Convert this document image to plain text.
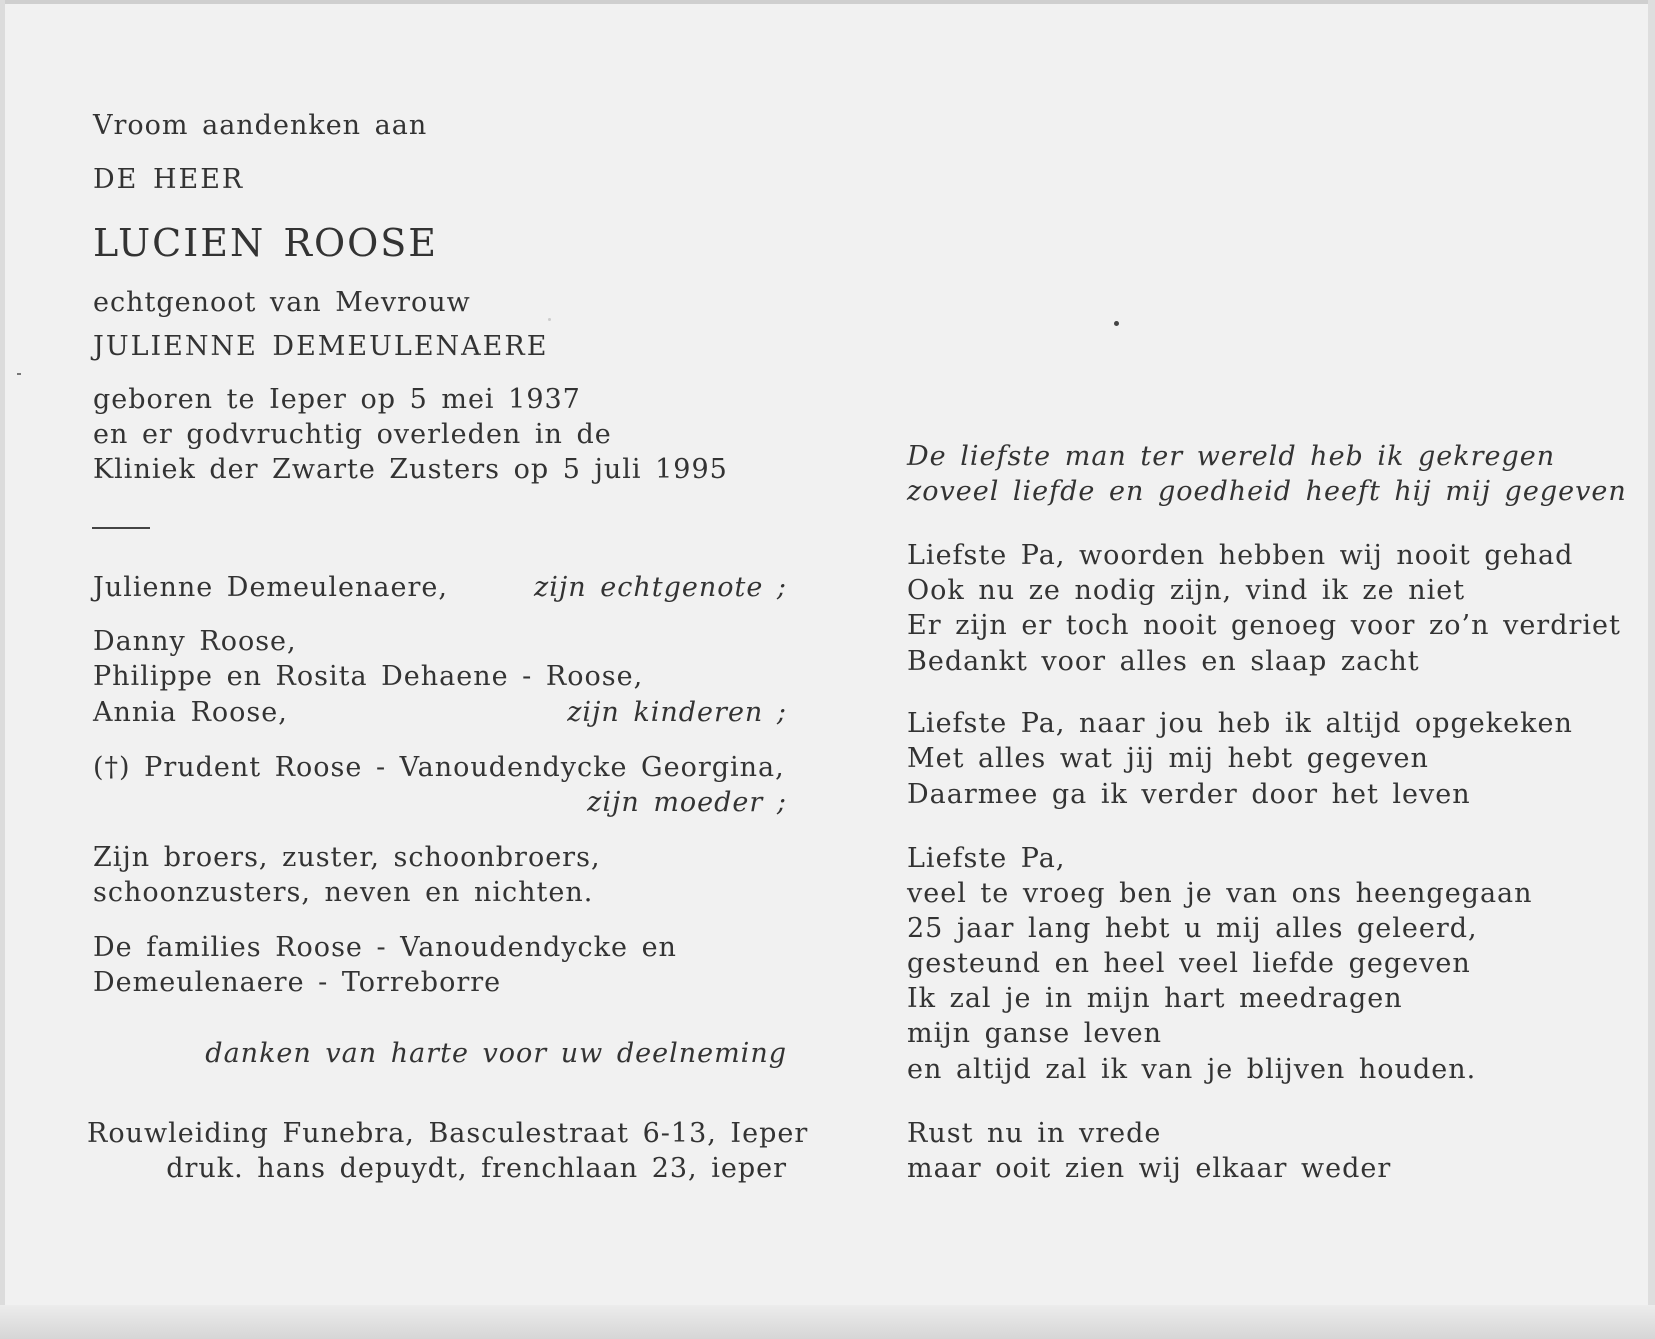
Vroom aandenken aan
DE HEER
LUCIEN ROOSE
echtgenoot van Mevrouw
JULIENNE DEMEULENAERE
geboren te Ieper op 5 mei 1937
en er godvruchtig overleden in de
Kliniek der Zwarte Zusters op 5 juli 1995
Julienne Demeulenaere,	zijn echtgenote ;
Danny Roose,
Philippe en Rosita Dehaene - Roose,
Annia Roose,	zijn kinderen ;
(†) Prudent Roose - Vanoudendycke Georgina,
zijn moeder ;
Zijn broers, zuster, schoonbroers,
schoonzusters, neven en nichten.
De families Roose - Vanoudendycke en
Demeulenaere - Torreborre
danken van harte voor uw deelneming
Rouwleiding Funebra, Basculestraat 6-13, Ieper
druk. hans depuydt, frenchlaan 23, ieper
De liefste man ter wereld heb ik gekregen
zoveel liefde en goedheid heeft hij mij gegeven
Liefste Pa, woorden hebben wij nooit gehad
Ook nu ze nodig zijn, vind ik ze niet
Er zijn er toch nooit genoeg voor zo’n verdriet
Bedankt voor alles en slaap zacht
Liefste Pa, naar jou heb ik altijd opgekeken
Met alles wat jij mij hebt gegeven
Daarmee ga ik verder door het leven
Liefste Pa,
veel te vroeg ben je van ons heengegaan
25 jaar lang hebt u mij alles geleerd,
gesteund en heel veel liefde gegeven
Ik zal je in mijn hart meedragen
mijn ganse leven
en altijd zal ik van je blijven houden.
Rust nu in vrede
maar ooit zien wij elkaar weder
